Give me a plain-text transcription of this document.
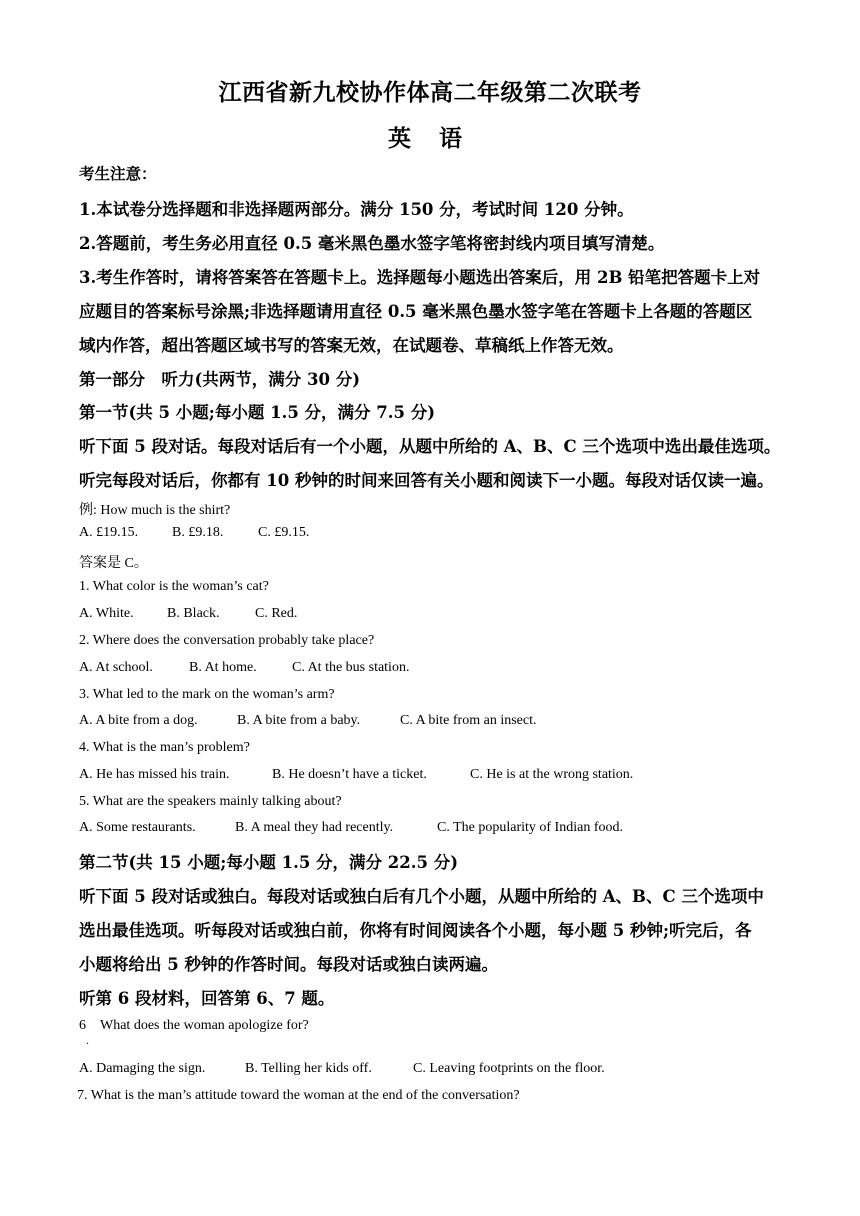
江西省新九校协作体高二年级第二次联考
英 语
考生注意：
1.本试卷分选择题和非选择题两部分。满分 150 分，考试时间 120 分钟。
2.答题前，考生务必用直径 0.5 毫米黑色墨水签字笔将密封线内项目填写清楚。
3.考生作答时，请将答案答在答题卡上。选择题每小题选出答案后，用 2B 铅笔把答题卡上对
应题目的答案标号涂黑;非选择题请用直径 0.5 毫米黑色墨水签字笔在答题卡上各题的答题区
域内作答，超出答题区域书写的答案无效，在试题卷、草稿纸上作答无效。
第一部分　听力(共两节，满分 30 分)
第一节(共 5 小题;每小题 1.5 分，满分 7.5 分)
听下面 5 段对话。每段对话后有一个小题，从题中所给的 A、B、C 三个选项中选出最佳选项。
听完每段对话后，你都有 10 秒钟的时间来回答有关小题和阅读下一小题。每段对话仅读一遍。
例: How much is the shirt?
A. £19.15. B. £9.18. C. £9.15.
答案是 C。
1. What color is the woman’s cat?
A. White. B. Black.	C. Red.
2. Where does the conversation probably take place?
A. At school.	B. At home.	C. At the bus station.
3. What led to the mark on the woman’s arm?
A. A bite from a dog.	B. A bite from a baby.	C. A bite from an insect.
4. What is the man’s problem?
A. He has missed his train.	B. He doesn’t have a ticket.	C. He is at the wrong station.
5. What are the speakers mainly talking about?
A. Some restaurants.	B. A meal they had recently.	C. The popularity of Indian food.
第二节(共 15 小题;每小题 1.5 分，满分 22.5 分)
听下面 5 段对话或独白。每段对话或独白后有几个小题，从题中所给的 A、B、C 三个选项中
选出最佳选项。听每段对话或独白前，你将有时间阅读各个小题，每小题 5 秒钟;听完后，各
小题将给出 5 秒钟的作答时间。每段对话或独白读两遍。
听第 6 段材料，回答第 6、7 题。
6 What does the woman apologize for?
.
A. Damaging the sign.	B. Telling her kids off.	C. Leaving footprints on the floor.
7. What is the man’s attitude toward the woman at the end of the conversation?
